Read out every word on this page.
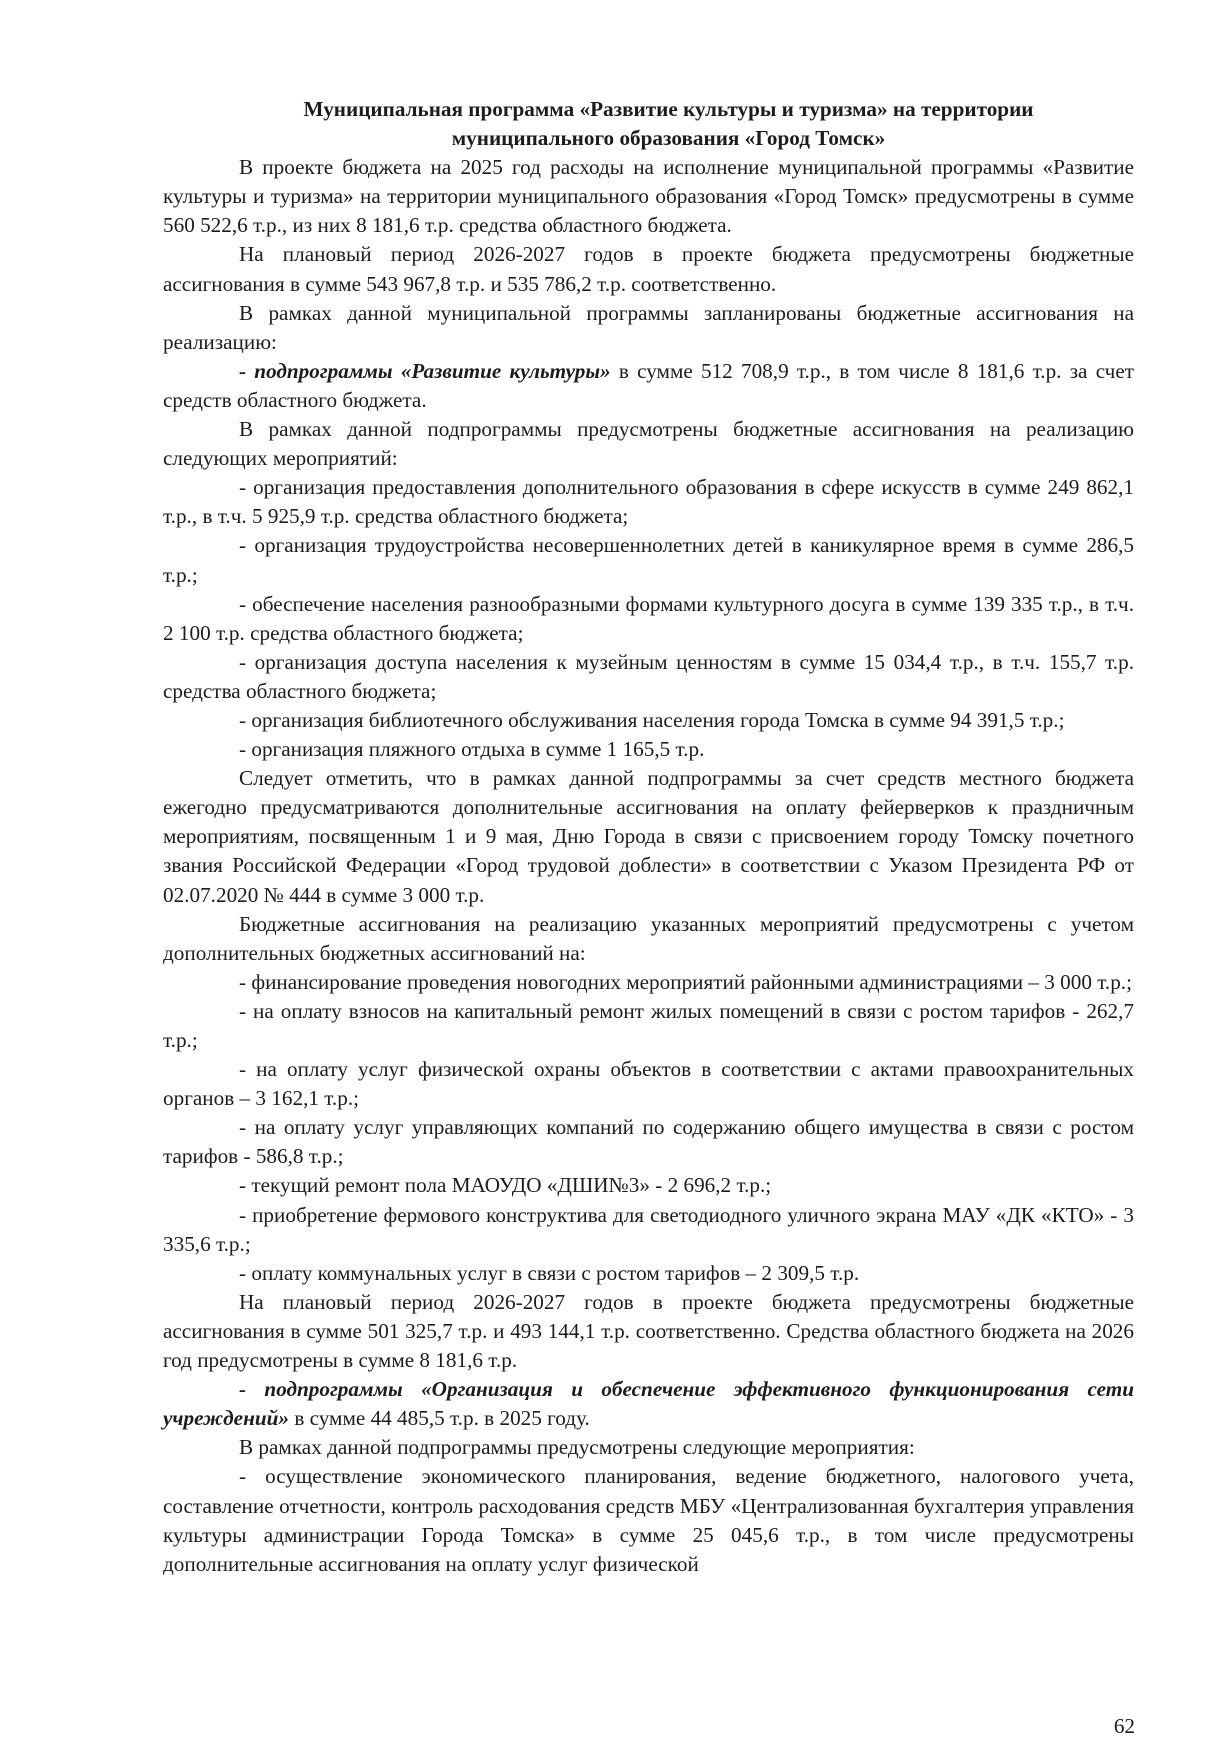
Муниципальная программа «Развитие культуры и туризма» на территории
муниципального образования «Город Томск»

В проекте бюджета на 2025 год расходы на исполнение муниципальной программы «Развитие культуры и туризма» на территории муниципального образования «Город Томск» предусмотрены в сумме 560 522,6 т.р., из них 8 181,6 т.р. средства областного бюджета.

На плановый период 2026-2027 годов в проекте бюджета предусмотрены бюджетные ассигнования в сумме 543 967,8 т.р. и 535 786,2 т.р. соответственно.

В рамках данной муниципальной программы запланированы бюджетные ассигнования на реализацию:

- подпрограммы «Развитие культуры» в сумме 512 708,9 т.р., в том числе 8 181,6 т.р. за счет средств областного бюджета.

В рамках данной подпрограммы предусмотрены бюджетные ассигнования на реализацию следующих мероприятий:

- организация предоставления дополнительного образования в сфере искусств в сумме 249 862,1 т.р., в т.ч. 5 925,9 т.р. средства областного бюджета;

- организация трудоустройства несовершеннолетних детей в каникулярное время в сумме 286,5 т.р.;

- обеспечение населения разнообразными формами культурного досуга в сумме 139 335 т.р., в т.ч. 2 100 т.р. средства областного бюджета;

- организация доступа населения к музейным ценностям в сумме 15 034,4 т.р., в т.ч. 155,7 т.р. средства областного бюджета;

- организация библиотечного обслуживания населения города Томска в сумме 94 391,5 т.р.;

- организация пляжного отдыха в сумме 1 165,5 т.р.

Следует отметить, что в рамках данной подпрограммы за счет средств местного бюджета ежегодно предусматриваются дополнительные ассигнования на оплату фейерверков к праздничным мероприятиям, посвященным 1 и 9 мая, Дню Города в связи с присвоением городу Томску почетного звания Российской Федерации «Город трудовой доблести» в соответствии с Указом Президента РФ от 02.07.2020 № 444 в сумме 3 000 т.р.

Бюджетные ассигнования на реализацию указанных мероприятий предусмотрены с учетом дополнительных бюджетных ассигнований на:

- финансирование проведения новогодних мероприятий районными администрациями – 3 000 т.р.;

- на оплату взносов на капитальный ремонт жилых помещений в связи с ростом тарифов - 262,7 т.р.;

- на оплату услуг физической охраны объектов в соответствии с актами правоохранительных органов – 3 162,1 т.р.;

- на оплату услуг управляющих компаний по содержанию общего имущества в связи с ростом тарифов - 586,8 т.р.;

- текущий ремонт пола МАОУДО «ДШИ№3» - 2 696,2 т.р.;

- приобретение фермового конструктива для светодиодного уличного экрана МАУ «ДК «КТО» - 3 335,6 т.р.;

- оплату коммунальных услуг в связи с ростом тарифов – 2 309,5 т.р.

На плановый период 2026-2027 годов в проекте бюджета предусмотрены бюджетные ассигнования в сумме 501 325,7 т.р. и 493 144,1 т.р. соответственно. Средства областного бюджета на 2026 год предусмотрены в сумме 8 181,6 т.р.

- подпрограммы «Организация и обеспечение эффективного функционирования сети учреждений» в сумме 44 485,5 т.р. в 2025 году.

В рамках данной подпрограммы предусмотрены следующие мероприятия:

- осуществление экономического планирования, ведение бюджетного, налогового учета, составление отчетности, контроль расходования средств МБУ «Централизованная бухгалтерия управления культуры администрации Города Томска» в сумме 25 045,6 т.р., в том числе предусмотрены дополнительные ассигнования на оплату услуг физической

62
